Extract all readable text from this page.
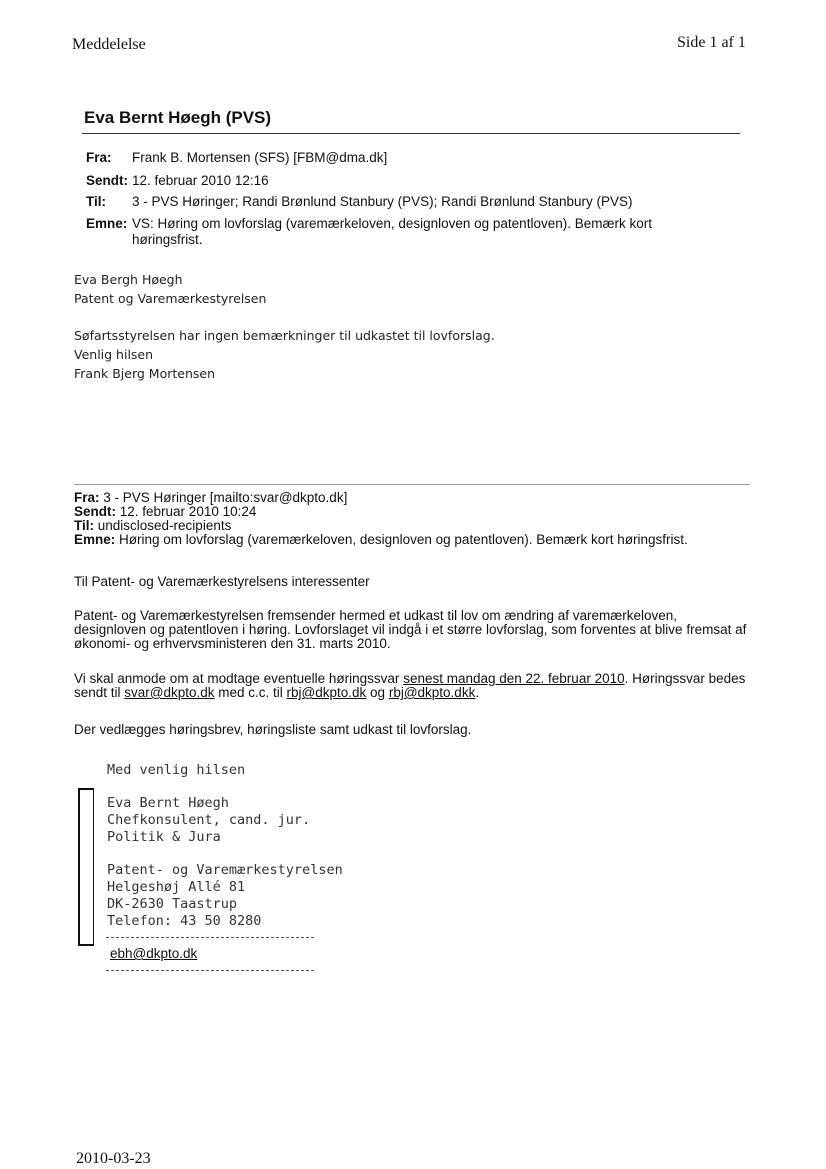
Meddelelse	Side 1 af 1
Eva Bernt Høegh (PVS)
Fra:	Frank B. Mortensen (SFS) [FBM@dma.dk]
Sendt: 12. februar 2010 12:16
Til:	3 - PVS Høringer; Randi Brønlund Stanbury (PVS); Randi Brønlund Stanbury (PVS)
Emne: VS: Høring om lovforslag (varemærkeloven, designloven og patentloven). Bemærk kort høringsfrist.
Eva Bergh Høegh
Patent og Varemærkestyrelsen
Søfartsstyrelsen har ingen bemærkninger til udkastet til lovforslag.
Venlig hilsen
Frank Bjerg Mortensen
Fra: 3 - PVS Høringer [mailto:svar@dkpto.dk]
Sendt: 12. februar 2010 10:24
Til: undisclosed-recipients
Emne: Høring om lovforslag (varemærkeloven, designloven og patentloven). Bemærk kort høringsfrist.
Til Patent- og Varemærkestyrelsens interessenter
Patent- og Varemærkestyrelsen fremsender hermed et udkast til lov om ændring af varemærkeloven, designloven og patentloven i høring. Lovforslaget vil indgå i et større lovforslag, som forventes at blive fremsat af økonomi- og erhvervsministeren den 31. marts 2010.
Vi skal anmode om at modtage eventuelle høringssvar senest mandag den 22. februar 2010. Høringssvar bedes sendt til svar@dkpto.dk med c.c. til rbj@dkpto.dk og rbj@dkpto.dkk.
Der vedlægges høringsbrev, høringsliste samt udkast til lovforslag.
Med venlig hilsen
Eva Bernt Høegh
Chefkonsulent, cand. jur.
Politik & Jura
Patent- og Varemærkestyrelsen
Helgeshøj Allé 81
DK-2630 Taastrup
Telefon: 43 50 8280
ebh@dkpto.dk
2010-03-23
